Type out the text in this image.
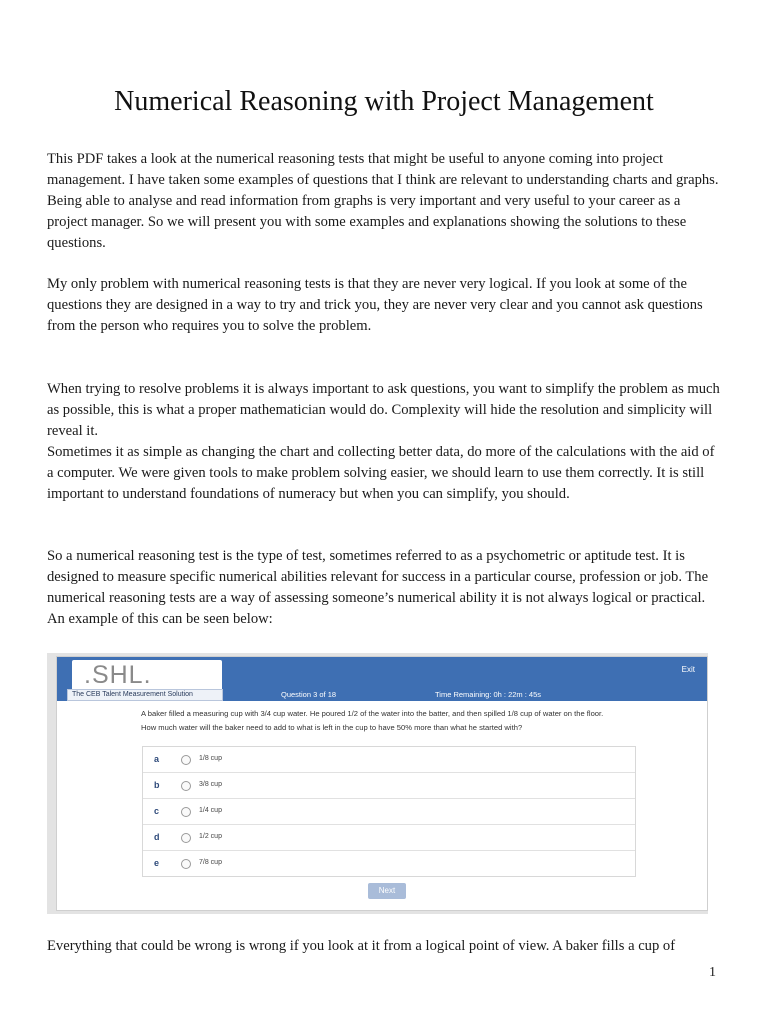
Numerical Reasoning with Project Management

This PDF takes a look at the numerical reasoning tests that might be useful to anyone coming into project management. I have taken some examples of questions that I think are relevant to understanding charts and graphs. Being able to analyse and read information from graphs is very important and very useful to your career as a project manager. So we will present you with some examples and explanations showing the solutions to these questions.

My only problem with numerical reasoning tests is that they are never very logical. If you look at some of the questions they are designed in a way to try and trick you, they are never very clear and you cannot ask questions from the person who requires you to solve the problem.

When trying to resolve problems it is always important to ask questions, you want to simplify the problem as much as possible, this is what a proper mathematician would do. Complexity will hide the resolution and simplicity will reveal it.

Sometimes it as simple as changing the chart and collecting better data, do more of the calculations with the aid of a computer. We were given tools to make problem solving easier, we should learn to use them correctly. It is still important to understand foundations of numeracy but when you can simplify, you should.

So a numerical reasoning test is the type of test, sometimes referred to as a psychometric or aptitude test. It is designed to measure specific numerical abilities relevant for success in a particular course, profession or job. The numerical reasoning tests are a way of assessing someone’s numerical ability it is not always logical or practical. An example of this can be seen below:

.SHL.
The CEB Talent Measurement Solution
Exit
Question 3 of 18	Time Remaining: 0h : 22m : 45s
A baker filled a measuring cup with 3/4 cup water. He poured 1/2 of the water into the batter, and then spilled 1/8 cup of water on the floor.
How much water will the baker need to add to what is left in the cup to have 50% more than what he started with?
a	1/8 cup
b	3/8 cup
c	1/4 cup
d	1/2 cup
e	7/8 cup
Next

Everything that could be wrong is wrong if you look at it from a logical point of view. A baker fills a cup of

1
